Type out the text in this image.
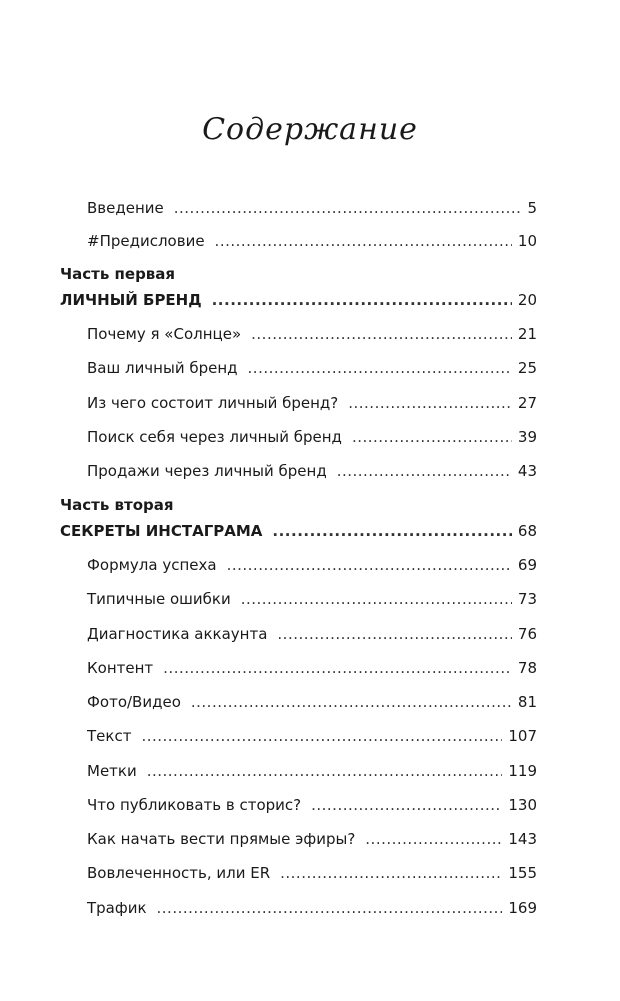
Содержание
Введение .....	5
#Предисловие .....	10
Часть первая
ЛИЧНЫЙ БРЕНД .....	20
Почему я «Солнце» .....	21
Ваш личный бренд .....	25
Из чего состоит личный бренд? .....	27
Поиск себя через личный бренд .....	39
Продажи через личный бренд .....	43
Часть вторая
СЕКРЕТЫ ИНСТАГРАМА .....	68
Формула успеха .....	69
Типичные ошибки .....	73
Диагностика аккаунта .....	76
Контент .....	78
Фото/Видео .....	81
Текст .....	107
Метки .....	119
Что публиковать в сторис? .....	130
Как начать вести прямые эфиры? .....	143
Вовлеченность, или ER .....	155
Трафик .....	169
